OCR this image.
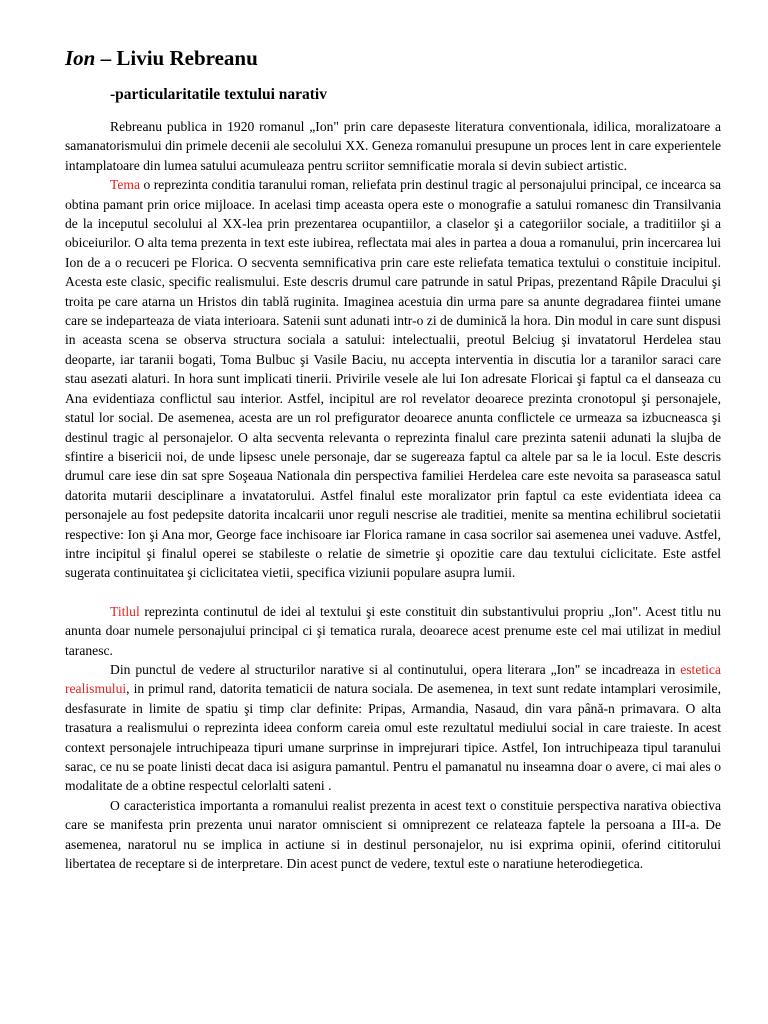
Ion – Liviu Rebreanu
-particularitatile textului narativ

Rebreanu publica in 1920 romanul „Ion" prin care depaseste literatura conventionala, idilica, moralizatoare a samanatorismului din primele decenii ale secolului XX. Geneza romanului presupune un proces lent in care experientele intamplatoare din lumea satului acumuleaza pentru scriitor semnificatie morala si devin subiect artistic.

Tema o reprezinta conditia taranului roman, reliefata prin destinul tragic al personajului principal, ce incearca sa obtina pamant prin orice mijloace. In acelasi timp aceasta opera este o monografie a satului romanesc din Transilvania de la inceputul secolului al XX-lea prin prezentarea ocupantiilor, a claselor şi a categoriilor sociale, a traditiilor şi a obiceiurilor. O alta tema prezenta in text este iubirea, reflectata mai ales in partea a doua a romanului, prin incercarea lui Ion de a o recuceri pe Florica. O secventa semnificativa prin care este reliefata tematica textului o constituie incipitul. Acesta este clasic, specific realismului. Este descris drumul care patrunde in satul Pripas, prezentand Râpile Dracului şi troita pe care atarna un Hristos din tablă ruginita. Imaginea acestuia din urma pare sa anunte degradarea fiintei umane care se indeparteaza de viata interioara. Satenii sunt adunati intr-o zi de duminică la hora. Din modul in care sunt dispusi in aceasta scena se observa structura sociala a satului: intelectualii, preotul Belciug şi invatatorul Herdelea stau deoparte, iar taranii bogati, Toma Bulbuc şi Vasile Baciu, nu accepta interventia in discutia lor a taranilor saraci care stau asezati alaturi. In hora sunt implicati tinerii. Privirile vesele ale lui Ion adresate Floricai şi faptul ca el danseaza cu Ana evidentiaza conflictul sau interior. Astfel, incipitul are rol revelator deoarece prezinta cronotopul şi personajele, statul lor social. De asemenea, acesta are un rol prefigurator deoarece anunta conflictele ce urmeaza sa izbucneasca şi destinul tragic al personajelor. O alta secventa relevanta o reprezinta finalul care prezinta satenii adunati la slujba de sfintire a bisericii noi, de unde lipsesc unele personaje, dar se sugereaza faptul ca altele par sa le ia locul. Este descris drumul care iese din sat spre Soşeaua Nationala din perspectiva familiei Herdelea care este nevoita sa paraseasca satul datorita mutarii desciplinare a invatatorului. Astfel finalul este moralizator prin faptul ca este evidentiata ideea ca personajele au fost pedepsite datorita incalcarii unor reguli nescrise ale traditiei, menite sa mentina echilibrul societatii respective: Ion şi Ana mor, George face inchisoare iar Florica ramane in casa socrilor sai asemenea unei vaduve. Astfel, intre incipitul şi finalul operei se stabileste o relatie de simetrie şi opozitie care dau textului ciclicitate. Este astfel sugerata continuitatea şi ciclicitatea vietii, specifica viziunii populare asupra lumii.

Titlul reprezinta continutul de idei al textului şi este constituit din substantivului propriu „Ion". Acest titlu nu anunta doar numele personajului principal ci şi tematica rurala, deoarece acest prenume este cel mai utilizat in mediul taranesc.

Din punctul de vedere al structurilor narative si al continutului, opera literara „Ion" se incadreaza in estetica realismului, in primul rand, datorita tematicii de natura sociala. De asemenea, in text sunt redate intamplari verosimile, desfasurate in limite de spatiu şi timp clar definite: Pripas, Armandia, Nasaud, din vara până-n primavara. O alta trasatura a realismului o reprezinta ideea conform careia omul este rezultatul mediului social in care traieste. In acest context personajele intruchipeaza tipuri umane surprinse in imprejurari tipice. Astfel, Ion intruchipeaza tipul taranului sarac, ce nu se poate linisti decat daca isi asigura pamantul. Pentru el pamanatul nu inseamna doar o avere, ci mai ales o modalitate de a obtine respectul celorlalti sateni .

O caracteristica importanta a romanului realist prezenta in acest text o constituie perspectiva narativa obiectiva care se manifesta prin prezenta unui narator omniscient si omniprezent ce relateaza faptele la persoana a III-a. De asemenea, naratorul nu se implica in actiune si in destinul personajelor, nu isi exprima opinii, oferind cititorului libertatea de receptare si de interpretare. Din acest punct de vedere, textul este o naratiune heterodiegetica.
